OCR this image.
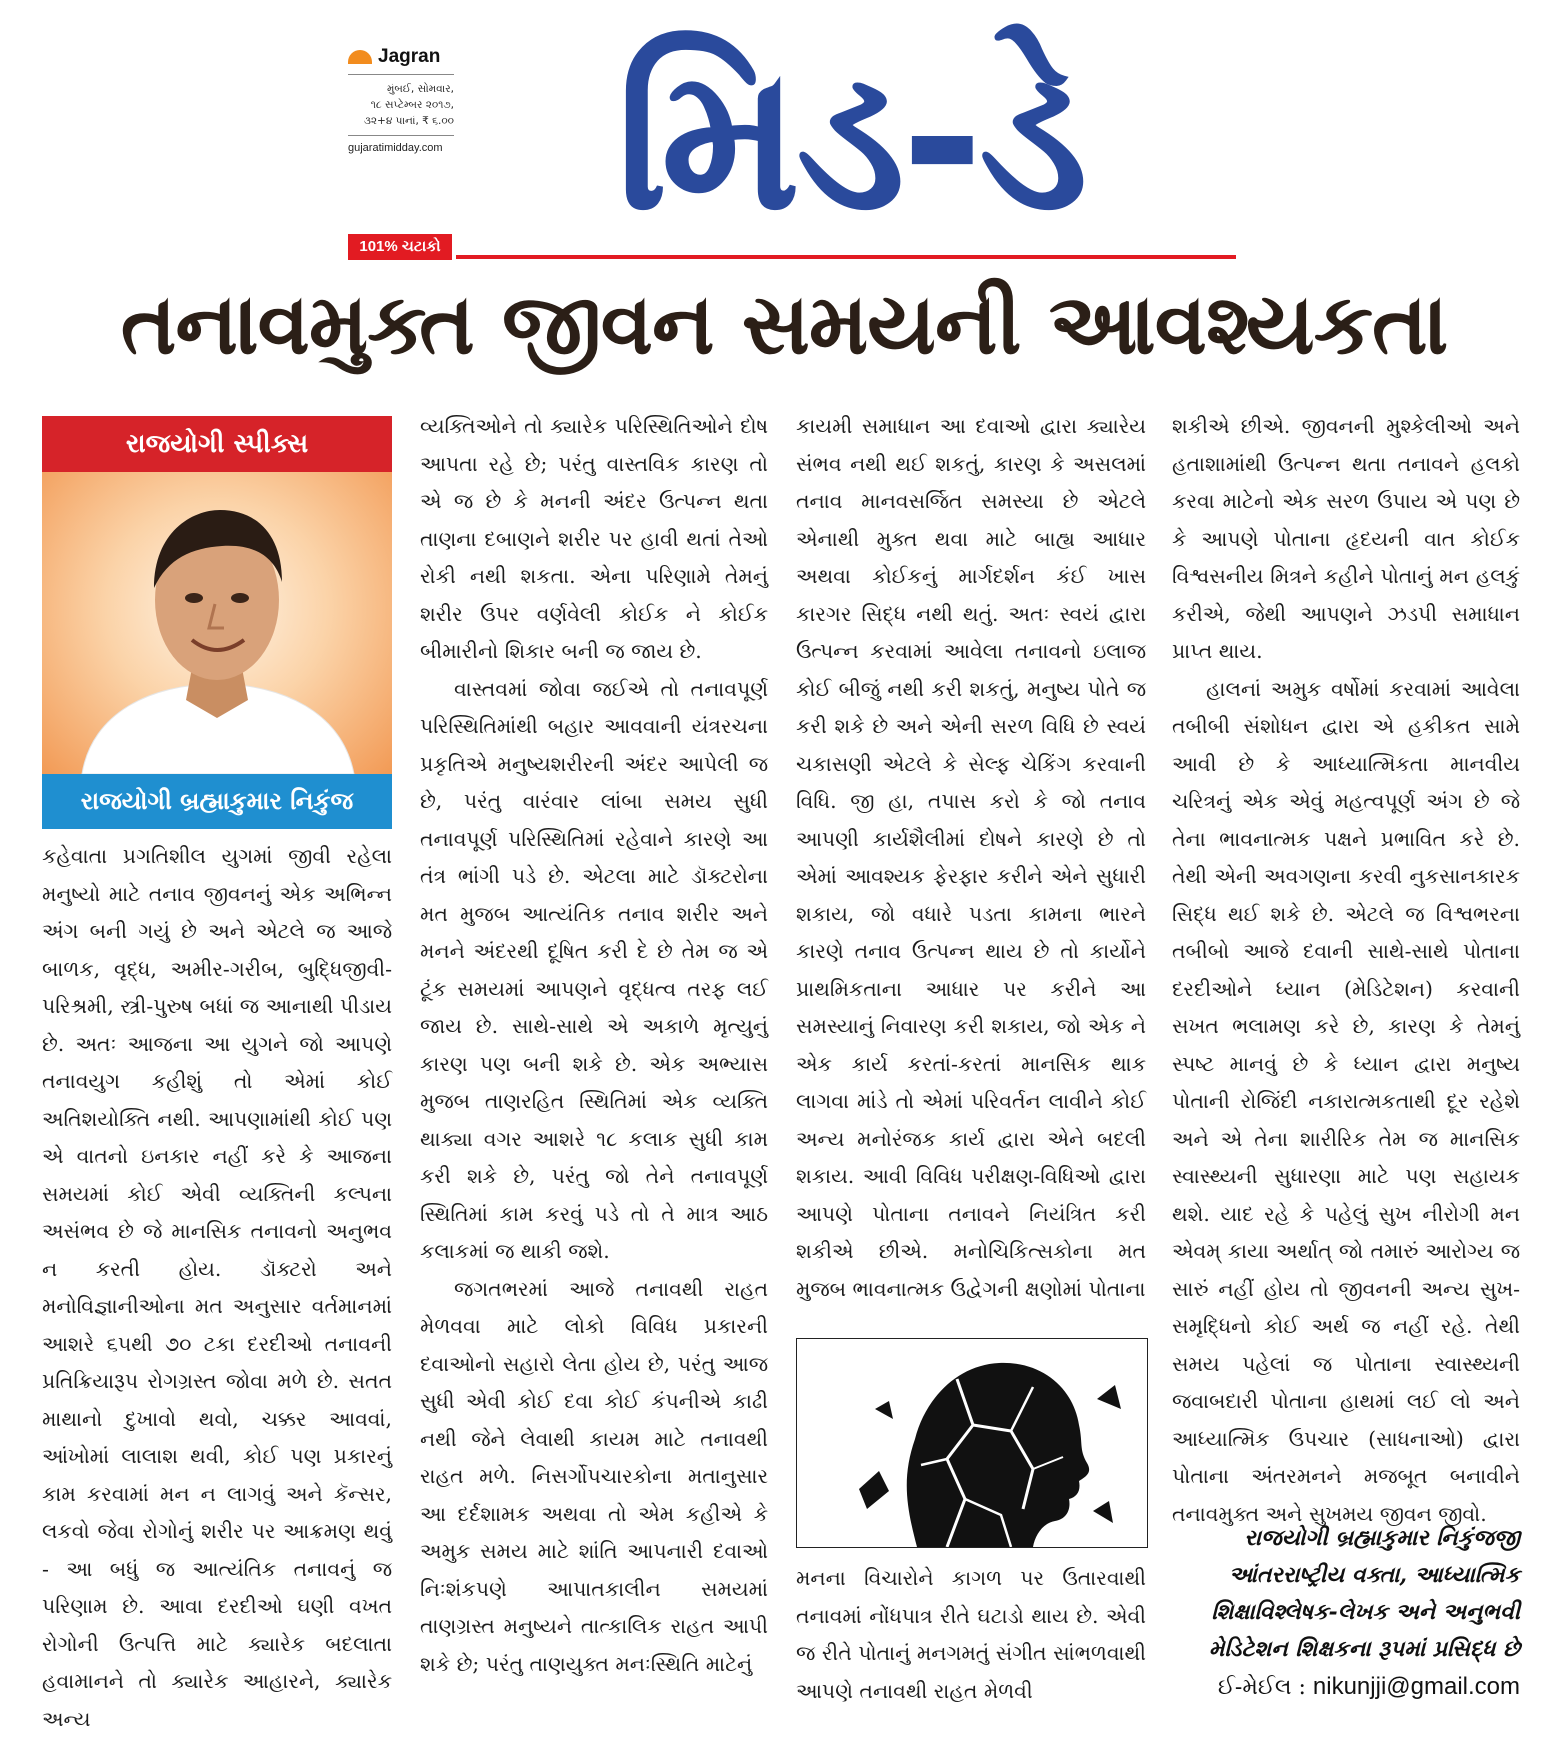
Jagran
મુંબઈ, સોમવાર,
૧૮ સપ્ટેમ્બર ૨૦૧૭,
૩૨+૪ પાનાં, ₹ ૬.૦૦
gujaratimidday.com
101% ચટાકો મિડ-ડે
તનાવમુક્ત જીવન સમયની આવશ્યકતા
રાજયોગી સ્પીક્સ
રાજયોગી બ્રહ્માકુમાર નિકુંજ

કહેવાતા પ્રગતિશીલ યુગમાં જીવી રહેલા મનુષ્યો માટે તનાવ જીવનનું એક અભિન્ન અંગ બની ગયું છે અને એટલે જ આજે બાળક, વૃદ્ધ, અમીર-ગરીબ, બુદ્ધિજીવી-પરિશ્રમી, સ્ત્રી-પુરુષ બધાં જ આનાથી પીડાય છે. અતઃ આજના આ યુગને જો આપણે તનાવયુગ કહીશું તો એમાં કોઈ અતિશયોક્તિ નથી. આપણામાંથી કોઈ પણ એ વાતનો ઇનકાર નહીં કરે કે આજના સમયમાં કોઈ એવી વ્યક્તિની કલ્પના અસંભવ છે જે માનસિક તનાવનો અનુભવ ન કરતી હોય. ડૉક્ટરો અને મનોવિજ્ઞાનીઓના મત અનુસાર વર્તમાનમાં આશરે ૬૫થી ૭૦ ટકા દરદીઓ તનાવની પ્રતિક્રિયારૂપ રોગગ્રસ્ત જોવા મળે છે. સતત માથાનો દુખાવો થવો, ચક્કર આવવાં, આંખોમાં લાલાશ થવી, કોઈ પણ પ્રકારનું કામ કરવામાં મન ન લાગવું અને કૅન્સર, લકવો જેવા રોગોનું શરીર પર આક્રમણ થવું - આ બધું જ આત્યંતિક તનાવનું જ પરિણામ છે. આવા દરદીઓ ઘણી વખત રોગોની ઉત્પત્તિ માટે ક્યારેક બદલાતા હવામાનને તો ક્યારેક આહારને, ક્યારેક અન્ય

વ્યક્તિઓને તો ક્યારેક પરિસ્થિતિઓને દોષ આપતા રહે છે; પરંતુ વાસ્તવિક કારણ તો એ જ છે કે મનની અંદર ઉત્પન્ન થતા તાણના દબાણને શરીર પર હાવી થતાં તેઓ રોકી નથી શકતા. એના પરિણામે તેમનું શરીર ઉપર વર્ણવેલી કોઈક ને કોઈક બીમારીનો શિકાર બની જ જાય છે.

વાસ્તવમાં જોવા જઈએ તો તનાવપૂર્ણ પરિસ્થિતિમાંથી બહાર આવવાની યંત્રરચના પ્રકૃતિએ મનુષ્યશરીરની અંદર આપેલી જ છે, પરંતુ વારંવાર લાંબા સમય સુધી તનાવપૂર્ણ પરિસ્થિતિમાં રહેવાને કારણે આ તંત્ર ભાંગી પડે છે. એટલા માટે ડૉક્ટરોના મત મુજબ આત્યંતિક તનાવ શરીર અને મનને અંદરથી દૂષિત કરી દે છે તેમ જ એ ટૂંક સમયમાં આપણને વૃદ્ધત્વ તરફ લઈ જાય છે. સાથે-સાથે એ અકાળે મૃત્યુનું કારણ પણ બની શકે છે. એક અભ્યાસ મુજબ તાણરહિત સ્થિતિમાં એક વ્યક્તિ થાક્યા વગર આશરે ૧૮ કલાક સુધી કામ કરી શકે છે, પરંતુ જો તેને તનાવપૂર્ણ સ્થિતિમાં કામ કરવું પડે તો તે માત્ર આઠ કલાકમાં જ થાકી જશે.

જગતભરમાં આજે તનાવથી રાહત મેળવવા માટે લોકો વિવિધ પ્રકારની દવાઓનો સહારો લેતા હોય છે, પરંતુ આજ સુધી એવી કોઈ દવા કોઈ કંપનીએ કાઢી નથી જેને લેવાથી કાયમ માટે તનાવથી રાહત મળે. નિસર્ગોપચારકોના મતાનુસાર આ દર્દશામક અથવા તો એમ કહીએ કે અમુક સમય માટે શાંતિ આપનારી દવાઓ નિઃશંકપણે આપાતકાલીન સમયમાં તાણગ્રસ્ત મનુષ્યને તાત્કાલિક રાહત આપી શકે છે; પરંતુ તાણયુક્ત મનઃસ્થિતિ માટેનું

કાયમી સમાધાન આ દવાઓ દ્વારા ક્યારેય સંભવ નથી થઈ શકતું, કારણ કે અસલમાં તનાવ માનવસર્જિત સમસ્યા છે એટલે એનાથી મુક્ત થવા માટે બાહ્ય આધાર અથવા કોઈકનું માર્ગદર્શન કંઈ ખાસ કારગર સિદ્ધ નથી થતું. અતઃ સ્વયં દ્વારા ઉત્પન્ન કરવામાં આવેલા તનાવનો ઇલાજ કોઈ બીજું નથી કરી શકતું, મનુષ્ય પોતે જ કરી શકે છે અને એની સરળ વિધિ છે સ્વયં ચકાસણી એટલે કે સેલ્ફ ચેકિંગ કરવાની વિધિ. જી હા, તપાસ કરો કે જો તનાવ આપણી કાર્યશૈલીમાં દોષને કારણે છે તો એમાં આવશ્યક ફેરફાર કરીને એને સુધારી શકાય, જો વધારે પડતા કામના ભારને કારણે તનાવ ઉત્પન્ન થાય છે તો કાર્યોને પ્રાથમિકતાના આધાર પર કરીને આ સમસ્યાનું નિવારણ કરી શકાય, જો એક ને એક કાર્ય કરતાં-કરતાં માનસિક થાક લાગવા માંડે તો એમાં પરિવર્તન લાવીને કોઈ અન્ય મનોરંજક કાર્ય દ્વારા એને બદલી શકાય. આવી વિવિધ પરીક્ષણ-વિધિઓ દ્વારા આપણે પોતાના તનાવને નિયંત્રિત કરી શકીએ છીએ. મનોચિકિત્સકોના મત મુજબ ભાવનાત્મક ઉદ્વેગની ક્ષણોમાં પોતાના

મનના વિચારોને કાગળ પર ઉતારવાથી તનાવમાં નોંધપાત્ર રીતે ઘટાડો થાય છે. એવી જ રીતે પોતાનું મનગમતું સંગીત સાંભળવાથી આપણે તનાવથી રાહત મેળવી

શકીએ છીએ. જીવનની મુશ્કેલીઓ અને હતાશામાંથી ઉત્પન્ન થતા તનાવને હલકો કરવા માટેનો એક સરળ ઉપાય એ પણ છે કે આપણે પોતાના હૃદયની વાત કોઈક વિશ્વસનીય મિત્રને કહીને પોતાનું મન હલકું કરીએ, જેથી આપણને ઝડપી સમાધાન પ્રાપ્ત થાય.

હાલનાં અમુક વર્ષોમાં કરવામાં આવેલા તબીબી સંશોધન દ્વારા એ હકીકત સામે આવી છે કે આધ્યાત્મિકતા માનવીય ચરિત્રનું એક એવું મહત્વપૂર્ણ અંગ છે જે તેના ભાવનાત્મક પક્ષને પ્રભાવિત કરે છે. તેથી એની અવગણના કરવી નુકસાનકારક સિદ્ધ થઈ શકે છે. એટલે જ વિશ્વભરના તબીબો આજે દવાની સાથે-સાથે પોતાના દરદીઓને ધ્યાન (મેડિટેશન) કરવાની સખત ભલામણ કરે છે, કારણ કે તેમનું સ્પષ્ટ માનવું છે કે ધ્યાન દ્વારા મનુષ્ય પોતાની રોજિંદી નકારાત્મકતાથી દૂર રહેશે અને એ તેના શારીરિક તેમ જ માનસિક સ્વાસ્થ્યની સુધારણા માટે પણ સહાયક થશે. યાદ રહે કે પહેલું સુખ નીરોગી મન એવમ્ કાયા અર્થાત્ જો તમારું આરોગ્ય જ સારું નહીં હોય તો જીવનની અન્ય સુખ-સમૃદ્ધિનો કોઈ અર્થ જ નહીં રહે. તેથી સમય પહેલાં જ પોતાના સ્વાસ્થ્યની જવાબદારી પોતાના હાથમાં લઈ લો અને આધ્યાત્મિક ઉપચાર (સાધનાઓ) દ્વારા પોતાના અંતરમનને મજબૂત બનાવીને તનાવમુક્ત અને સુખમય જીવન જીવો.

રાજયોગી બ્રહ્માકુમાર નિકુંજજી
આંતરરાષ્ટ્રીય વક્તા, આધ્યાત્મિક
શિક્ષાવિશ્લેષક-લેખક અને અનુભવી
મેડિટેશન શિક્ષકના રૂપમાં પ્રસિદ્ધ છે
ઈ-મેઈલ : nikunjji@gmail.com
